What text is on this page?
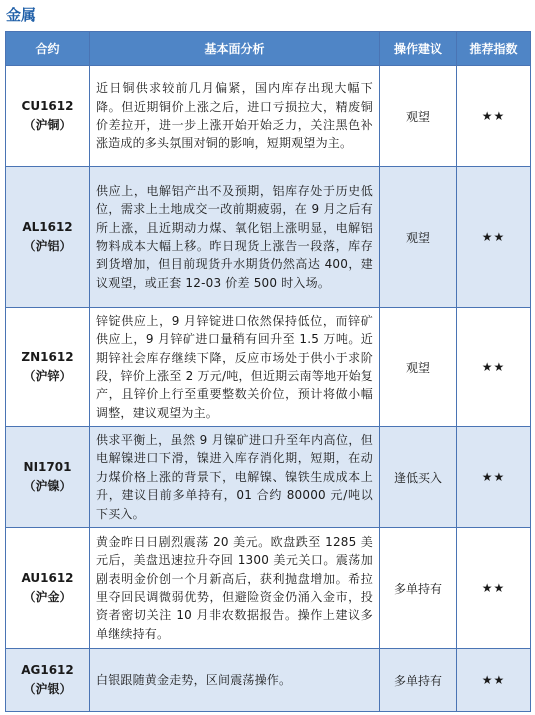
金属
合约	基本面分析	操作建议	推荐指数

CU1612
（沪铜）	近日铜供求较前几月偏紧，国内库存出现大幅下降。但近期铜价上涨之后，进口亏损拉大，精废铜价差拉开，进一步上涨开始开始乏力，关注黑色补涨造成的多头氛围对铜的影响，短期观望为主。	观望	★★

AL1612
（沪铝）	供应上，电解铝产出不及预期，铝库存处于历史低位，需求上土地成交一改前期疲弱，在 9 月之后有所上涨，且近期动力煤、氧化铝上涨明显，电解铝物料成本大幅上移。昨日现货上涨告一段落，库存到货增加，但目前现货升水期货仍然高达 400，建议观望，或正套 12-03 价差 500 时入场。	观望	★★

ZN1612
（沪锌）	锌锭供应上，9 月锌锭进口依然保持低位，而锌矿供应上，9 月锌矿进口量稍有回升至 1.5 万吨。近期锌社会库存继续下降，反应市场处于供小于求阶段，锌价上涨至 2 万元/吨，但近期云南等地开始复产，且锌价上行至重要整数关价位，预计将做小幅调整，建议观望为主。	观望	★★

NI1701
（沪镍）	供求平衡上，虽然 9 月镍矿进口升至年内高位，但电解镍进口下滑，镍进入库存消化期，短期，在动力煤价格上涨的背景下，电解镍、镍铁生成成本上升，建议目前多单持有，01 合约 80000 元/吨以下买入。	逢低买入	★★

AU1612
（沪金）	黄金昨日日剧烈震荡 20 美元。欧盘跌至 1285 美元后，美盘迅速拉升夺回 1300 美元关口。震荡加剧表明金价创一个月新高后，获利抛盘增加。希拉里夺回民调微弱优势，但避险资金仍涌入金市，投资者密切关注 10 月非农数据报告。操作上建议多单继续持有。	多单持有	★★

AG1612
（沪银）	白银跟随黄金走势，区间震荡操作。	多单持有	★★
